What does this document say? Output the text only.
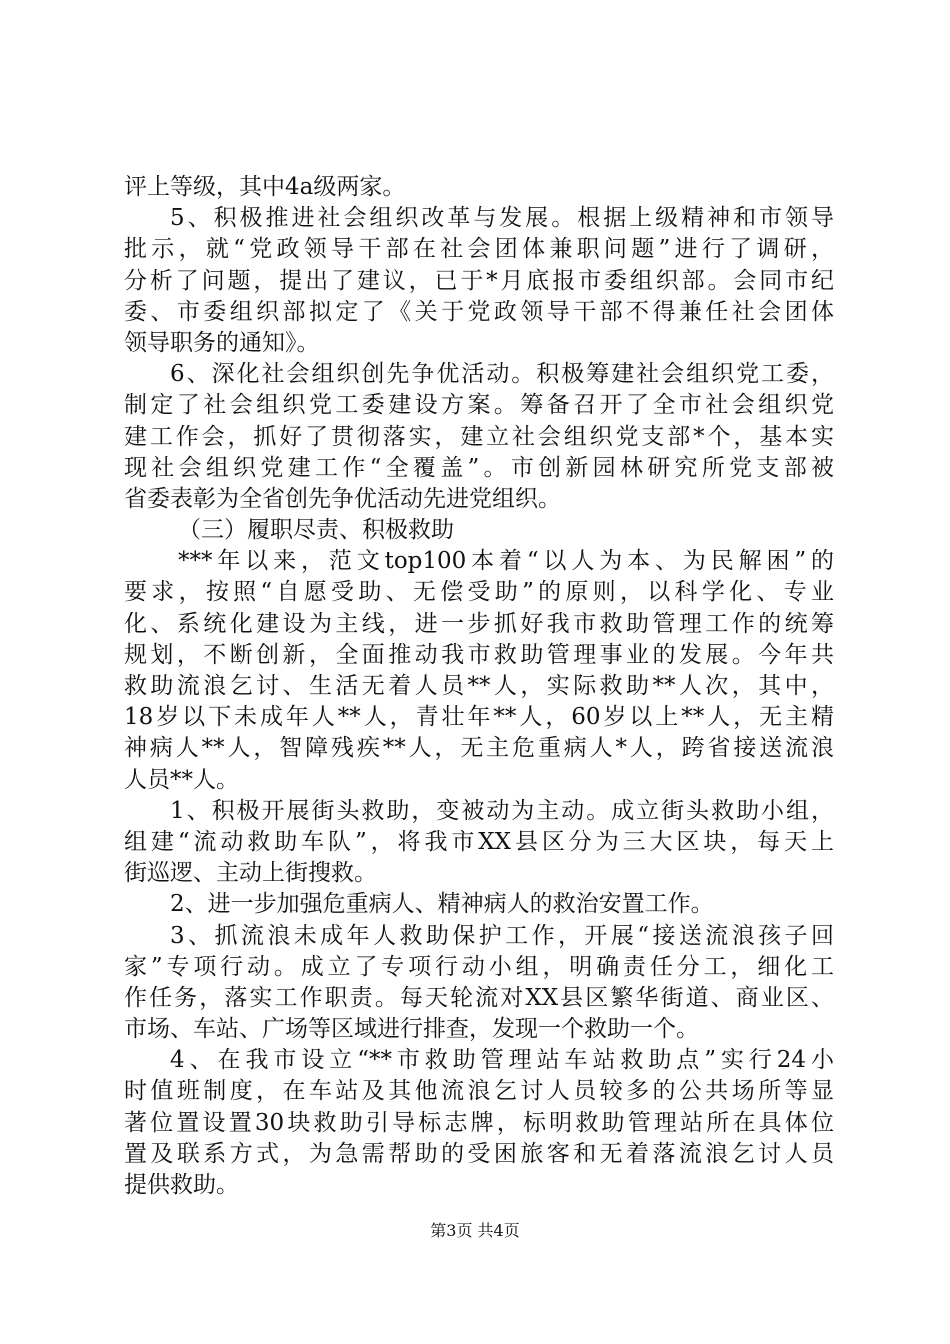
评上等级，其中4a级两家。
5、积极推进社会组织改革与发展。根据上级精神和市领导
批示，就“党政领导干部在社会团体兼职问题”进行了调研，
分析了问题，提出了建议，已于*月底报市委组织部。会同市纪
委、市委组织部拟定了《关于党政领导干部不得兼任社会团体
领导职务的通知》。
6、深化社会组织创先争优活动。积极筹建社会组织党工委，
制定了社会组织党工委建设方案。筹备召开了全市社会组织党
建工作会，抓好了贯彻落实，建立社会组织党支部*个，基本实
现社会组织党建工作“全覆盖”。市创新园林研究所党支部被
省委表彰为全省创先争优活动先进党组织。
（三）履职尽责、积极救助
***年以来，范文top100本着“以人为本、为民解困”的
要求，按照“自愿受助、无偿受助”的原则，以科学化、专业
化、系统化建设为主线，进一步抓好我市救助管理工作的统筹
规划，不断创新，全面推动我市救助管理事业的发展。今年共
救助流浪乞讨、生活无着人员**人，实际救助**人次，其中，
18岁以下未成年人**人，青壮年**人，60岁以上**人，无主精
神病人**人，智障残疾**人，无主危重病人*人，跨省接送流浪
人员**人。
1、积极开展街头救助，变被动为主动。成立街头救助小组，
组建“流动救助车队”，将我市XX县区分为三大区块，每天上
街巡逻、主动上街搜救。
2、进一步加强危重病人、精神病人的救治安置工作。
3、抓流浪未成年人救助保护工作，开展“接送流浪孩子回
家”专项行动。成立了专项行动小组，明确责任分工，细化工
作任务，落实工作职责。每天轮流对XX县区繁华街道、商业区、
市场、车站、广场等区域进行排查，发现一个救助一个。
4、在我市设立“**市救助管理站车站救助点”实行24小
时值班制度，在车站及其他流浪乞讨人员较多的公共场所等显
著位置设置30块救助引导标志牌，标明救助管理站所在具体位
置及联系方式，为急需帮助的受困旅客和无着落流浪乞讨人员
提供救助。
第3页 共4页
